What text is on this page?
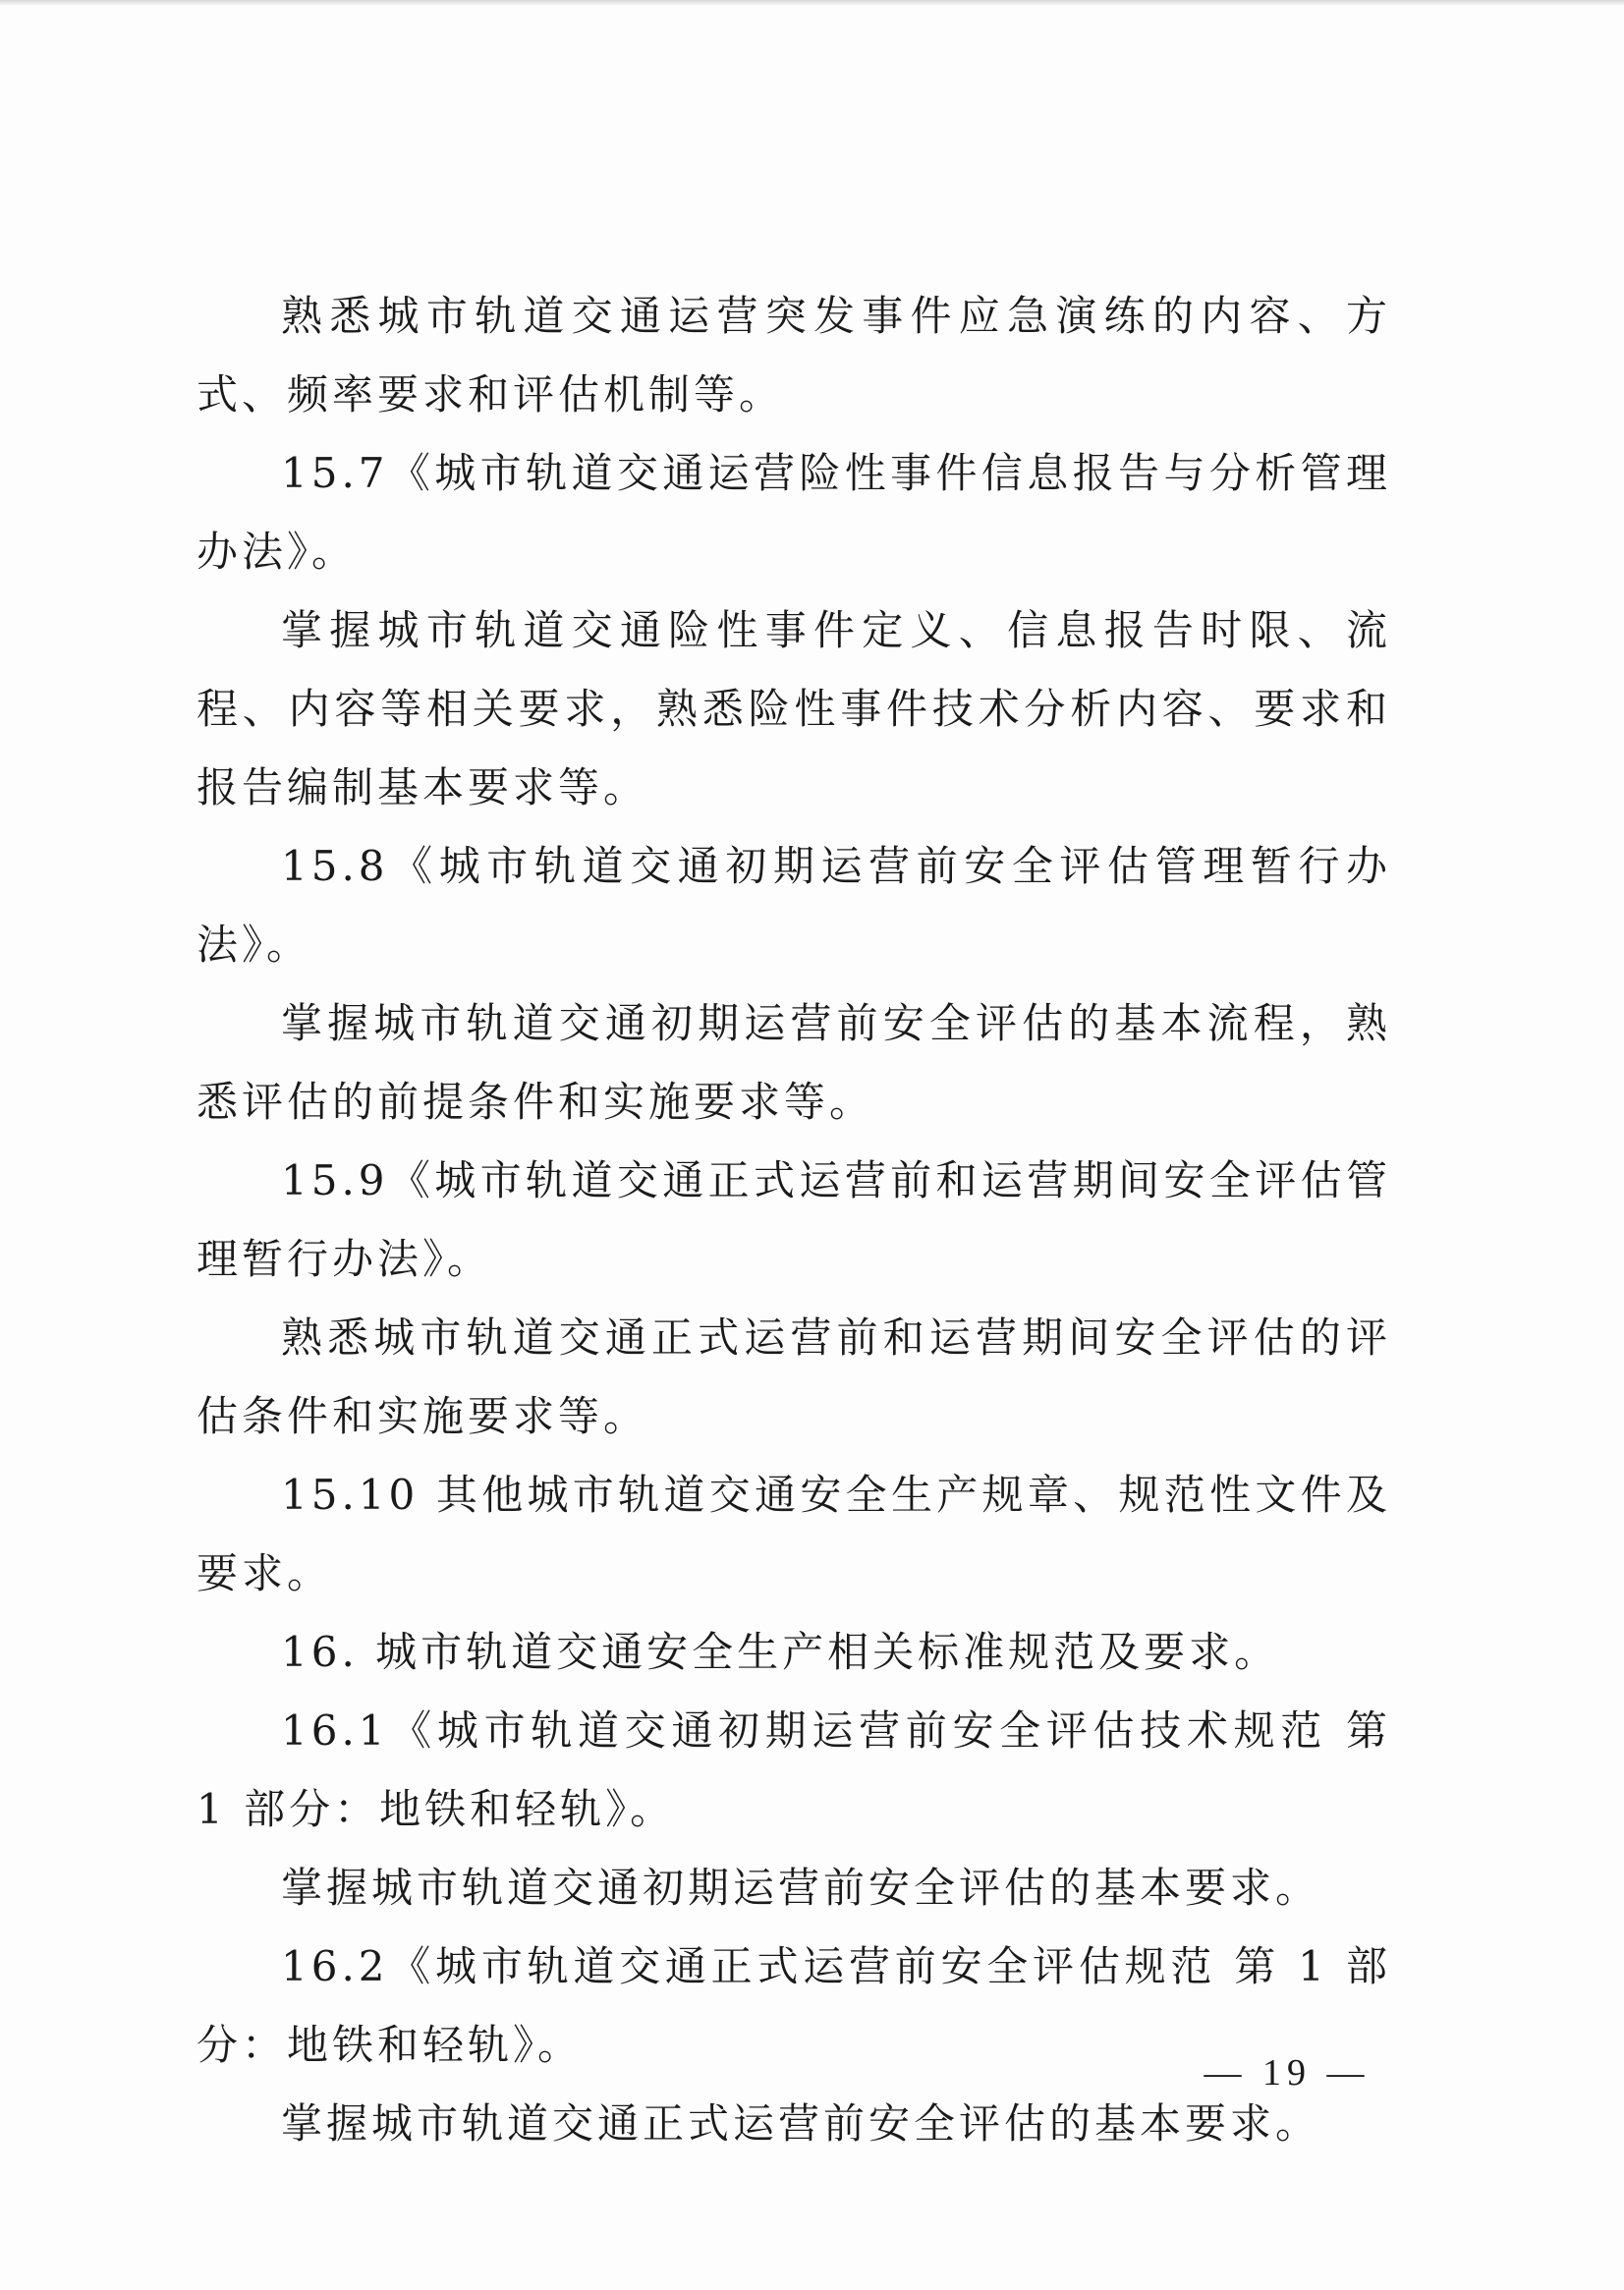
熟悉城市轨道交通运营突发事件应急演练的内容、方式、频率要求和评估机制等。

15.7《城市轨道交通运营险性事件信息报告与分析管理办法》。

掌握城市轨道交通险性事件定义、信息报告时限、流程、内容等相关要求，熟悉险性事件技术分析内容、要求和报告编制基本要求等。

15.8《城市轨道交通初期运营前安全评估管理暂行办法》。

掌握城市轨道交通初期运营前安全评估的基本流程，熟悉评估的前提条件和实施要求等。

15.9《城市轨道交通正式运营前和运营期间安全评估管理暂行办法》。

熟悉城市轨道交通正式运营前和运营期间安全评估的评估条件和实施要求等。

15.10 其他城市轨道交通安全生产规章、规范性文件及要求。

16. 城市轨道交通安全生产相关标准规范及要求。

16.1《城市轨道交通初期运营前安全评估技术规范 第 1 部分：地铁和轻轨》。

掌握城市轨道交通初期运营前安全评估的基本要求。

16.2《城市轨道交通正式运营前安全评估规范 第 1 部分：地铁和轻轨》。

掌握城市轨道交通正式运营前安全评估的基本要求。

— 19 —
